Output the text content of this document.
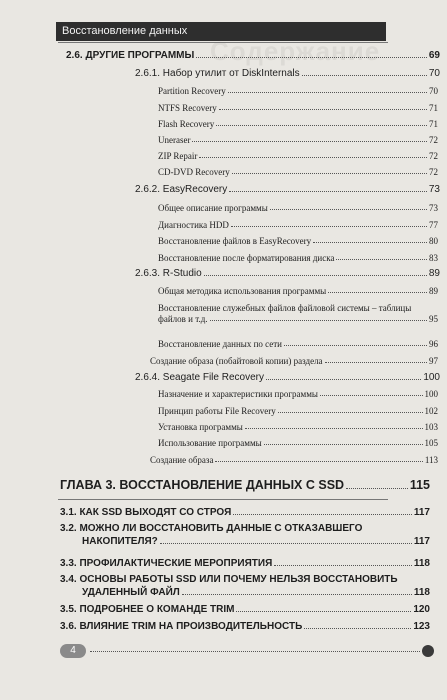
Восстановление данных
Содержание
2.6. ДРУГИЕ ПРОГРАММЫ	69
2.6.1. Набор утилит от DiskInternals	70
Partition Recovery	70
NTFS Recovery	71
Flash Recovery	71
Uneraser	72
ZIP Repair	72
CD-DVD Recovery	72
2.6.2. EasyRecovery	73
Общее описание программы	73
Диагностика HDD	77
Восстановление файлов в EasyRecovery	80
Восстановление после форматирования диска	83
2.6.3. R-Studio	89
Общая методика использования программы	89
Восстановление служебных файлов файловой системы – таблицы
файлов и т.д.	95
Восстановление данных по сети	96
Создание образа (побайтовой копии) раздела	97
2.6.4. Seagate File Recovery	100
Назначение и характеристики программы	100
Принцип работы File Recovery	102
Установка программы	103
Использование программы	105
Создание образа	113
ГЛАВА 3. ВОССТАНОВЛЕНИЕ ДАННЫХ С SSD	115
3.1. КАК SSD ВЫХОДЯТ СО СТРОЯ	117
3.2. МОЖНО ЛИ ВОССТАНОВИТЬ ДАННЫЕ С ОТКАЗАВШЕГО
НАКОПИТЕЛЯ?	117
3.3. ПРОФИЛАКТИЧЕСКИЕ МЕРОПРИЯТИЯ	118
3.4. ОСНОВЫ РАБОТЫ SSD ИЛИ ПОЧЕМУ НЕЛЬЗЯ ВОССТАНОВИТЬ
УДАЛЕННЫЙ ФАЙЛ	118
3.5. ПОДРОБНЕЕ О КОМАНДЕ TRIM	120
3.6. ВЛИЯНИЕ TRIM НА ПРОИЗВОДИТЕЛЬНОСТЬ	123
4
